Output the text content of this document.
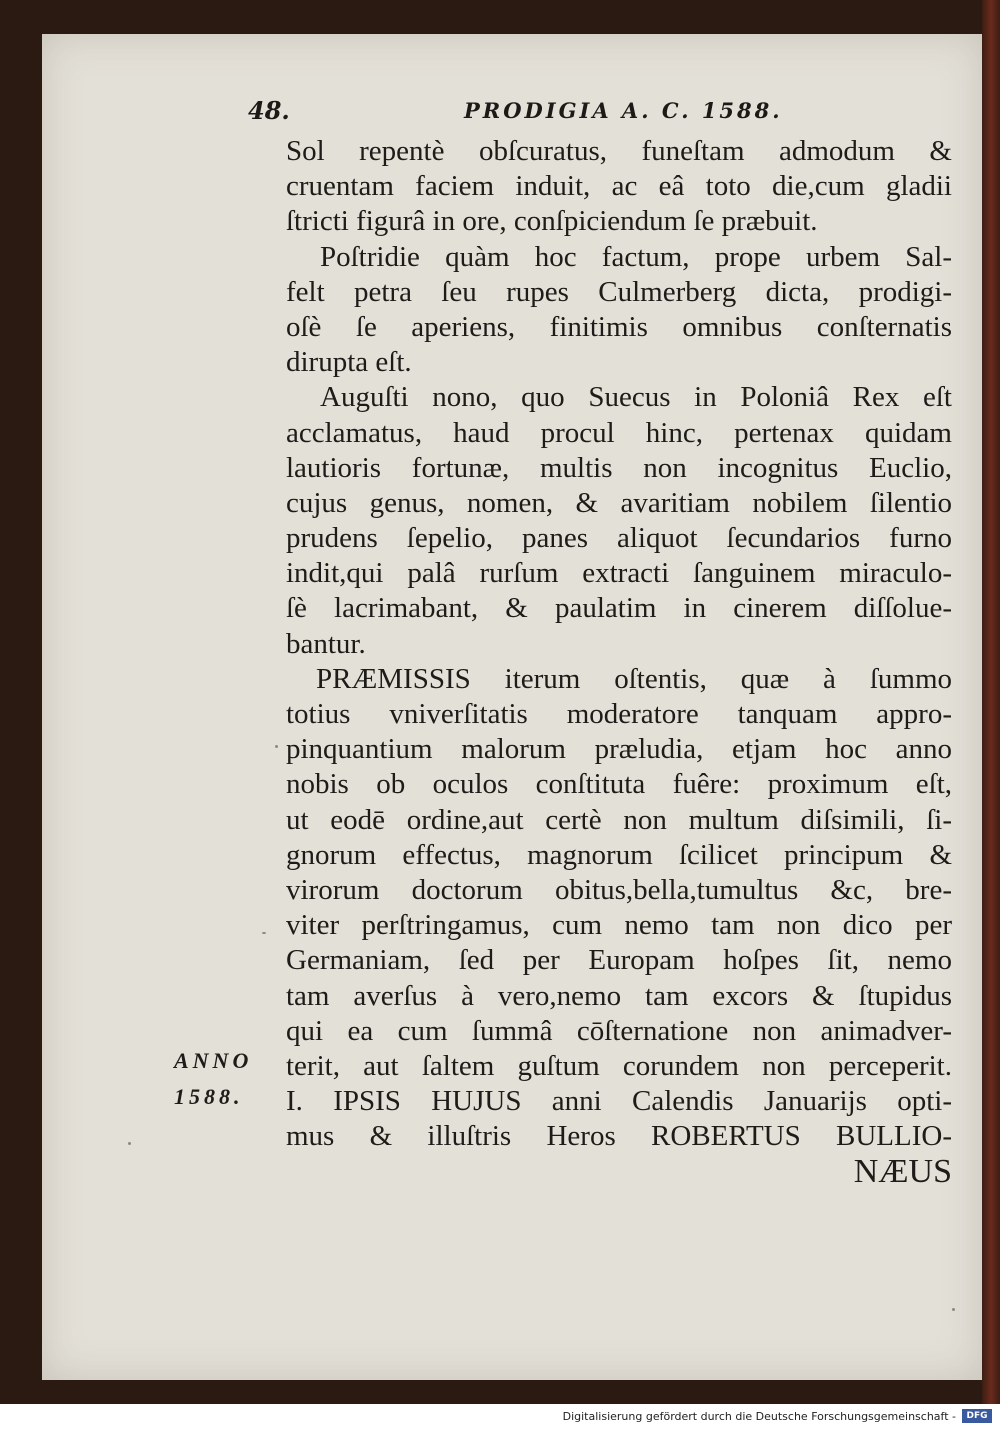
48.	PRODIGIA A. C. 1588.
Sol repentè obſcuratus, funeſtam admodum &
cruentam faciem induit, ac eâ toto die,cum gladii
ſtricti figurâ in ore, conſpiciendum ſe præbuit.
Poſtridie quàm hoc factum, prope urbem Sal-
felt petra ſeu rupes Culmerberg dicta, prodigi-
oſè ſe aperiens, finitimis omnibus conſternatis
dirupta eſt.
Auguſti nono, quo Suecus in Poloniâ Rex eſt
acclamatus, haud procul hinc, pertenax quidam
lautioris fortunæ, multis non incognitus Euclio,
cujus genus, nomen, & avaritiam nobilem ſilentio
prudens ſepelio, panes aliquot ſecundarios furno
indit,qui palâ rurſum extracti ſanguinem miraculo-
ſè lacrimabant, & paulatim in cinerem diſſolue-
bantur.
PRÆMISSIS iterum oſtentis, quæ à ſummo
totius vniverſitatis moderatore tanquam appro-
pinquantium malorum præludia, etjam hoc anno
nobis ob oculos conſtituta fuêre: proximum eſt,
ut eodē ordine,aut certè non multum diſsimili, ſi-
gnorum effectus, magnorum ſcilicet principum &
virorum doctorum obitus,bella,tumultus &c, bre-
viter perſtringamus, cum nemo tam non dico per
Germaniam, ſed per Europam hoſpes ſit, nemo
tam averſus à vero,nemo tam excors & ſtupidus
qui ea cum ſummâ cōſternatione non animadver-
terit, aut ſaltem guſtum corundem non perceperit.
I. IPSIS HUJUS anni Calendis Januarijs opti-
mus & illuſtris Heros ROBERTUS BULLIO-
NÆUS
ANNO
1588.
Digitalisierung gefördert durch die Deutsche Forschungsgemeinschaft -	DFG
